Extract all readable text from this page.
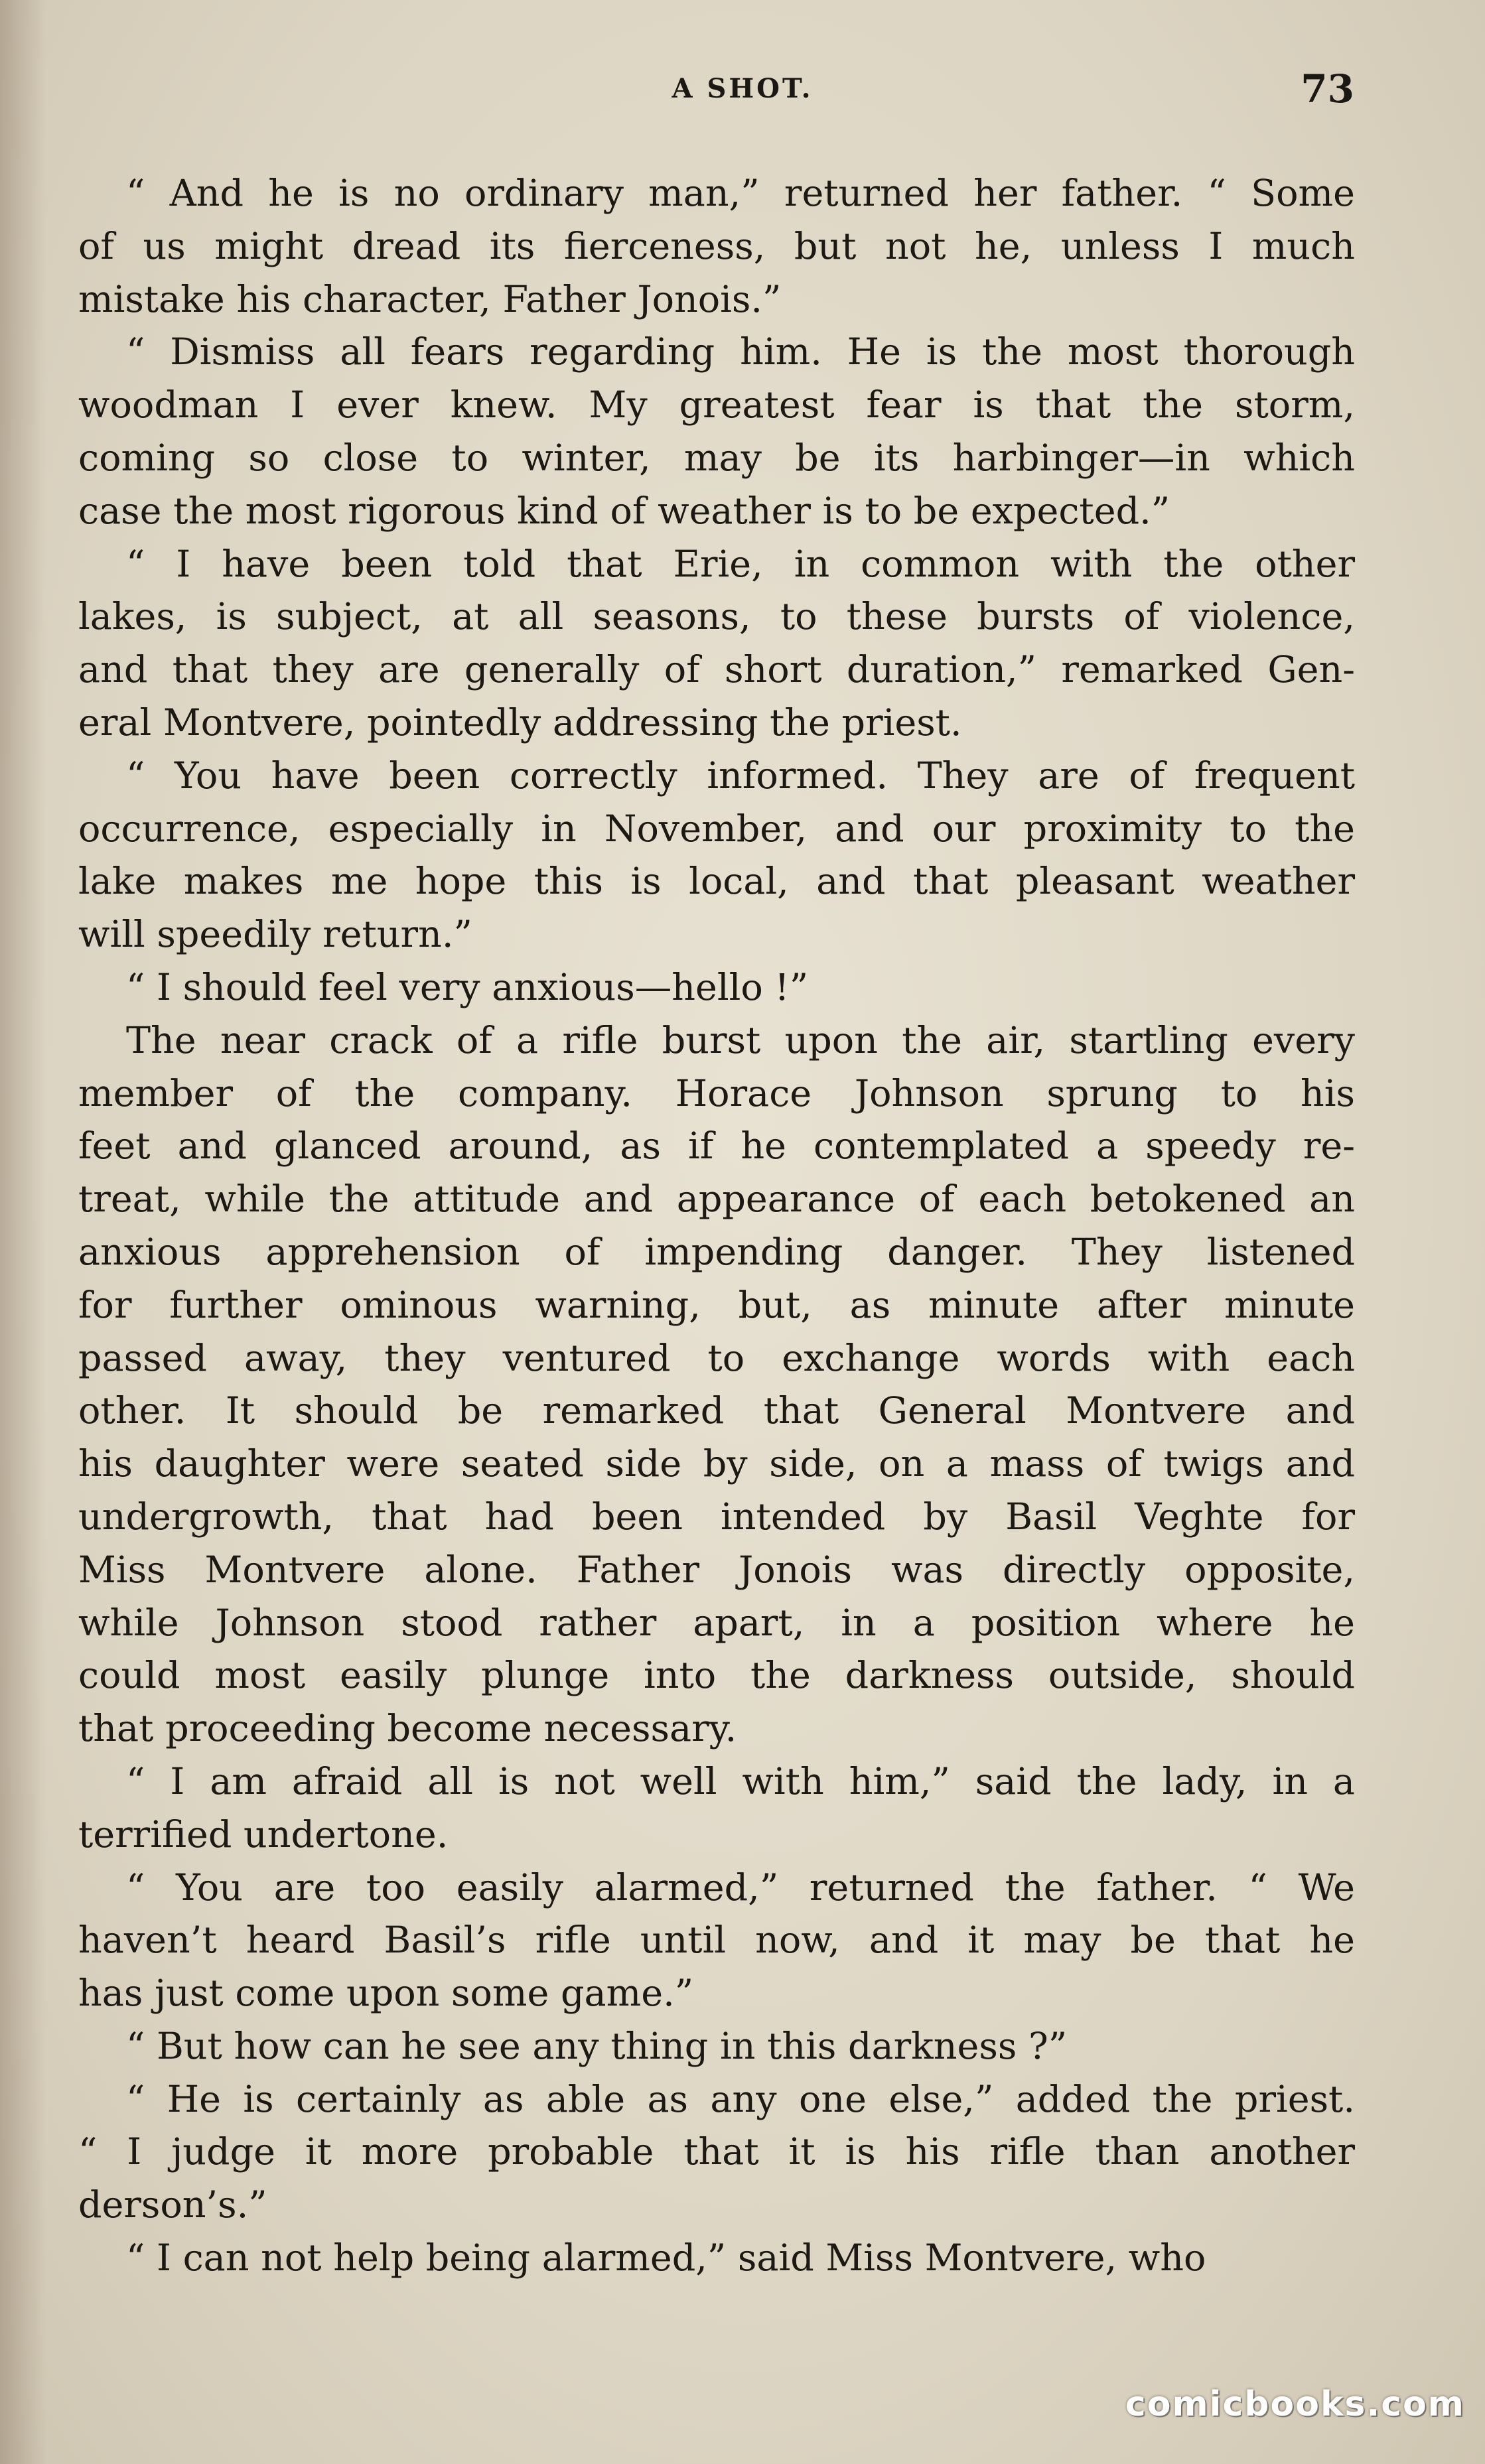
A SHOT.	73
“ And he is no ordinary man,” returned her father. “ Some
of us might dread its fierceness, but not he, unless I much
mistake his character, Father Jonois.”
“ Dismiss all fears regarding him. He is the most thorough
woodman I ever knew. My greatest fear is that the storm,
coming so close to winter, may be its harbinger—in which
case the most rigorous kind of weather is to be expected.”
“ I have been told that Erie, in common with the other
lakes, is subject, at all seasons, to these bursts of violence,
and that they are generally of short duration,” remarked Gen-
eral Montvere, pointedly addressing the priest.
“ You have been correctly informed. They are of frequent
occurrence, especially in November, and our proximity to the
lake makes me hope this is local, and that pleasant weather
will speedily return.”
“ I should feel very anxious—hello !”
The near crack of a rifle burst upon the air, startling every
member of the company. Horace Johnson sprung to his
feet and glanced around, as if he contemplated a speedy re-
treat, while the attitude and appearance of each betokened an
anxious apprehension of impending danger. They listened
for further ominous warning, but, as minute after minute
passed away, they ventured to exchange words with each
other. It should be remarked that General Montvere and
his daughter were seated side by side, on a mass of twigs and
undergrowth, that had been intended by Basil Veghte for
Miss Montvere alone. Father Jonois was directly opposite,
while Johnson stood rather apart, in a position where he
could most easily plunge into the darkness outside, should
that proceeding become necessary.
“ I am afraid all is not well with him,” said the lady, in a
terrified undertone.
“ You are too easily alarmed,” returned the father. “ We
haven’t heard Basil’s rifle until now, and it may be that he
has just come upon some game.”
“ But how can he see any thing in this darkness ?”
“ He is certainly as able as any one else,” added the priest.
“ I judge it more probable that it is his rifle than another
derson’s.”
“ I can not help being alarmed,” said Miss Montvere, who
comicbooks.com
